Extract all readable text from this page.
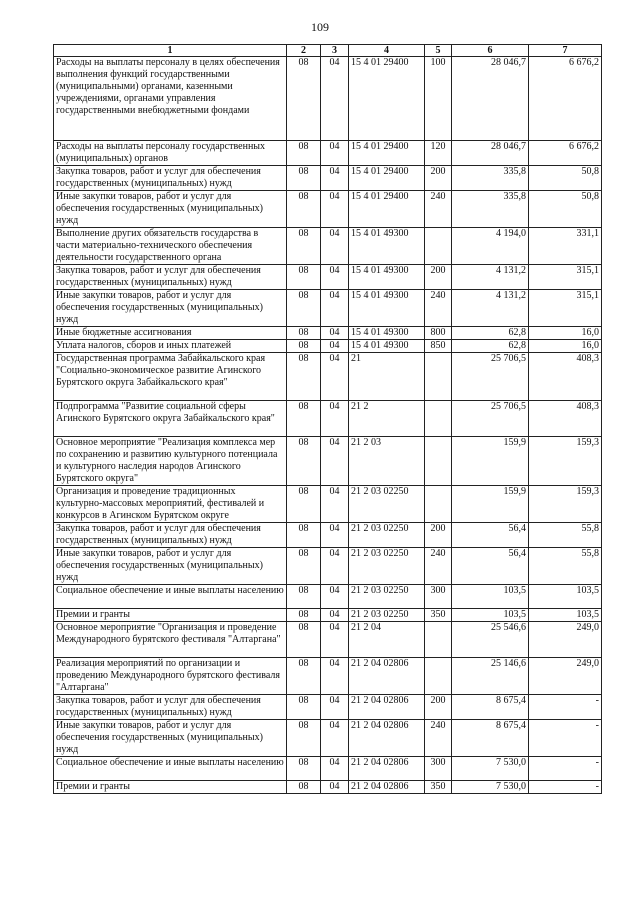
109
1	2	3	4	5	6	7
Расходы на выплаты персоналу в целях обеспечения выполнения функций государственными (муниципальными) органами, казенными учреждениями, органами управления государственными внебюджетными фондами	08	04	15 4 01 29400	100	28 046,7	6 676,2
Расходы на выплаты персоналу государственных (муниципальных) органов	08	04	15 4 01 29400	120	28 046,7	6 676,2
Закупка товаров, работ и услуг для обеспечения государственных (муниципальных) нужд	08	04	15 4 01 29400	200	335,8	50,8
Иные закупки товаров, работ и услуг для обеспечения государственных (муниципальных) нужд	08	04	15 4 01 29400	240	335,8	50,8
Выполнение других обязательств государства в части материально-технического обеспечения деятельности государственного органа	08	04	15 4 01 49300		4 194,0	331,1
Закупка товаров, работ и услуг для обеспечения государственных (муниципальных) нужд	08	04	15 4 01 49300	200	4 131,2	315,1
Иные закупки товаров, работ и услуг для обеспечения государственных (муниципальных) нужд	08	04	15 4 01 49300	240	4 131,2	315,1
Иные бюджетные ассигнования	08	04	15 4 01 49300	800	62,8	16,0
Уплата налогов, сборов и иных платежей	08	04	15 4 01 49300	850	62,8	16,0
Государственная программа Забайкальского края "Социально-экономическое развитие Агинского Бурятского округа Забайкальского края"	08	04	21		25 706,5	408,3
Подпрограмма "Развитие социальной сферы Агинского Бурятского округа Забайкальского края"	08	04	21 2		25 706,5	408,3
Основное мероприятие "Реализация комплекса мер по сохранению и развитию культурного потенциала и культурного наследия народов Агинского Бурятского округа"	08	04	21 2 03		159,9	159,3
Организация и проведение традиционных культурно-массовых мероприятий, фестивалей и конкурсов в Агинском Бурятском округе	08	04	21 2 03 02250		159,9	159,3
Закупка товаров, работ и услуг для обеспечения государственных (муниципальных) нужд	08	04	21 2 03 02250	200	56,4	55,8
Иные закупки товаров, работ и услуг для обеспечения государственных (муниципальных) нужд	08	04	21 2 03 02250	240	56,4	55,8
Социальное обеспечение и иные выплаты населению	08	04	21 2 03 02250	300	103,5	103,5
Премии и гранты	08	04	21 2 03 02250	350	103,5	103,5
Основное мероприятие "Организация и проведение Международного бурятского фестиваля "Алтаргана"	08	04	21 2 04		25 546,6	249,0
Реализация мероприятий по организации и проведению Международного бурятского фестиваля "Алтаргана"	08	04	21 2 04 02806		25 146,6	249,0
Закупка товаров, работ и услуг для обеспечения государственных (муниципальных) нужд	08	04	21 2 04 02806	200	8 675,4	-
Иные закупки товаров, работ и услуг для обеспечения государственных (муниципальных) нужд	08	04	21 2 04 02806	240	8 675,4	-
Социальное обеспечение и иные выплаты населению	08	04	21 2 04 02806	300	7 530,0	-
Премии и гранты	08	04	21 2 04 02806	350	7 530,0	-
